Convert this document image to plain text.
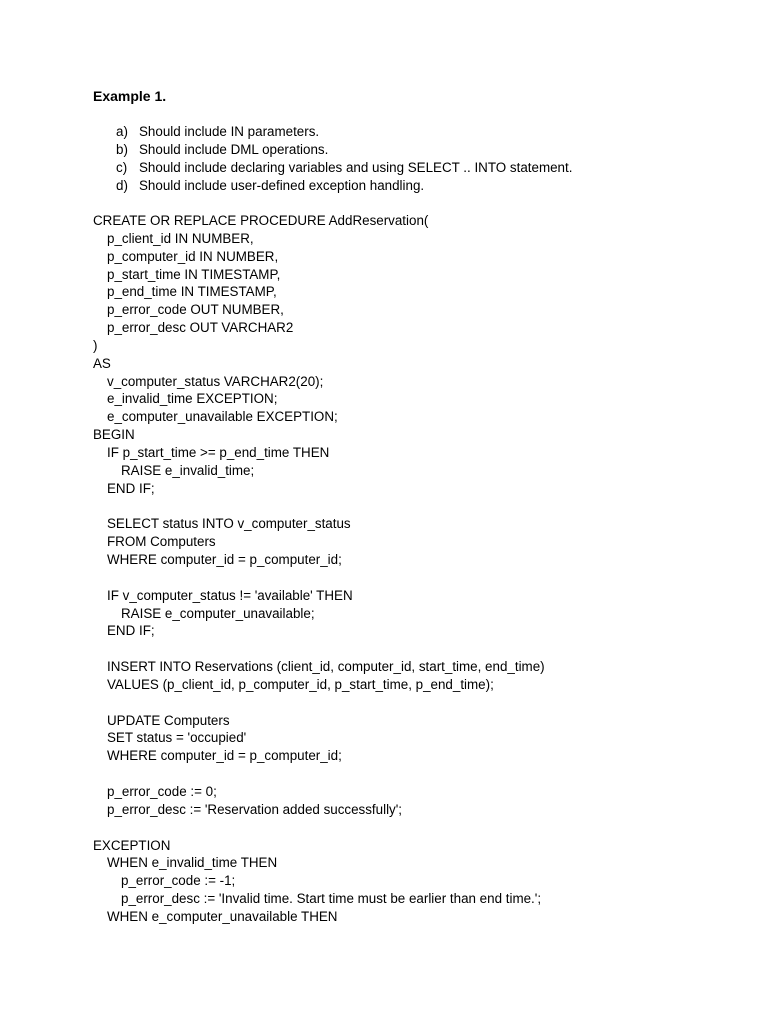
Example 1.
a) Should include IN parameters.
b) Should include DML operations.
c) Should include declaring variables and using SELECT .. INTO statement.
d) Should include user-defined exception handling.
CREATE OR REPLACE PROCEDURE AddReservation(
p_client_id IN NUMBER,
p_computer_id IN NUMBER,
p_start_time IN TIMESTAMP,
p_end_time IN TIMESTAMP,
p_error_code OUT NUMBER,
p_error_desc OUT VARCHAR2
)
AS
v_computer_status VARCHAR2(20);
e_invalid_time EXCEPTION;
e_computer_unavailable EXCEPTION;
BEGIN
IF p_start_time >= p_end_time THEN
RAISE e_invalid_time;
END IF;
SELECT status INTO v_computer_status
FROM Computers
WHERE computer_id = p_computer_id;
IF v_computer_status != 'available' THEN
RAISE e_computer_unavailable;
END IF;
INSERT INTO Reservations (client_id, computer_id, start_time, end_time)
VALUES (p_client_id, p_computer_id, p_start_time, p_end_time);
UPDATE Computers
SET status = 'occupied'
WHERE computer_id = p_computer_id;
p_error_code := 0;
p_error_desc := 'Reservation added successfully';
EXCEPTION
WHEN e_invalid_time THEN
p_error_code := -1;
p_error_desc := 'Invalid time. Start time must be earlier than end time.';
WHEN e_computer_unavailable THEN
